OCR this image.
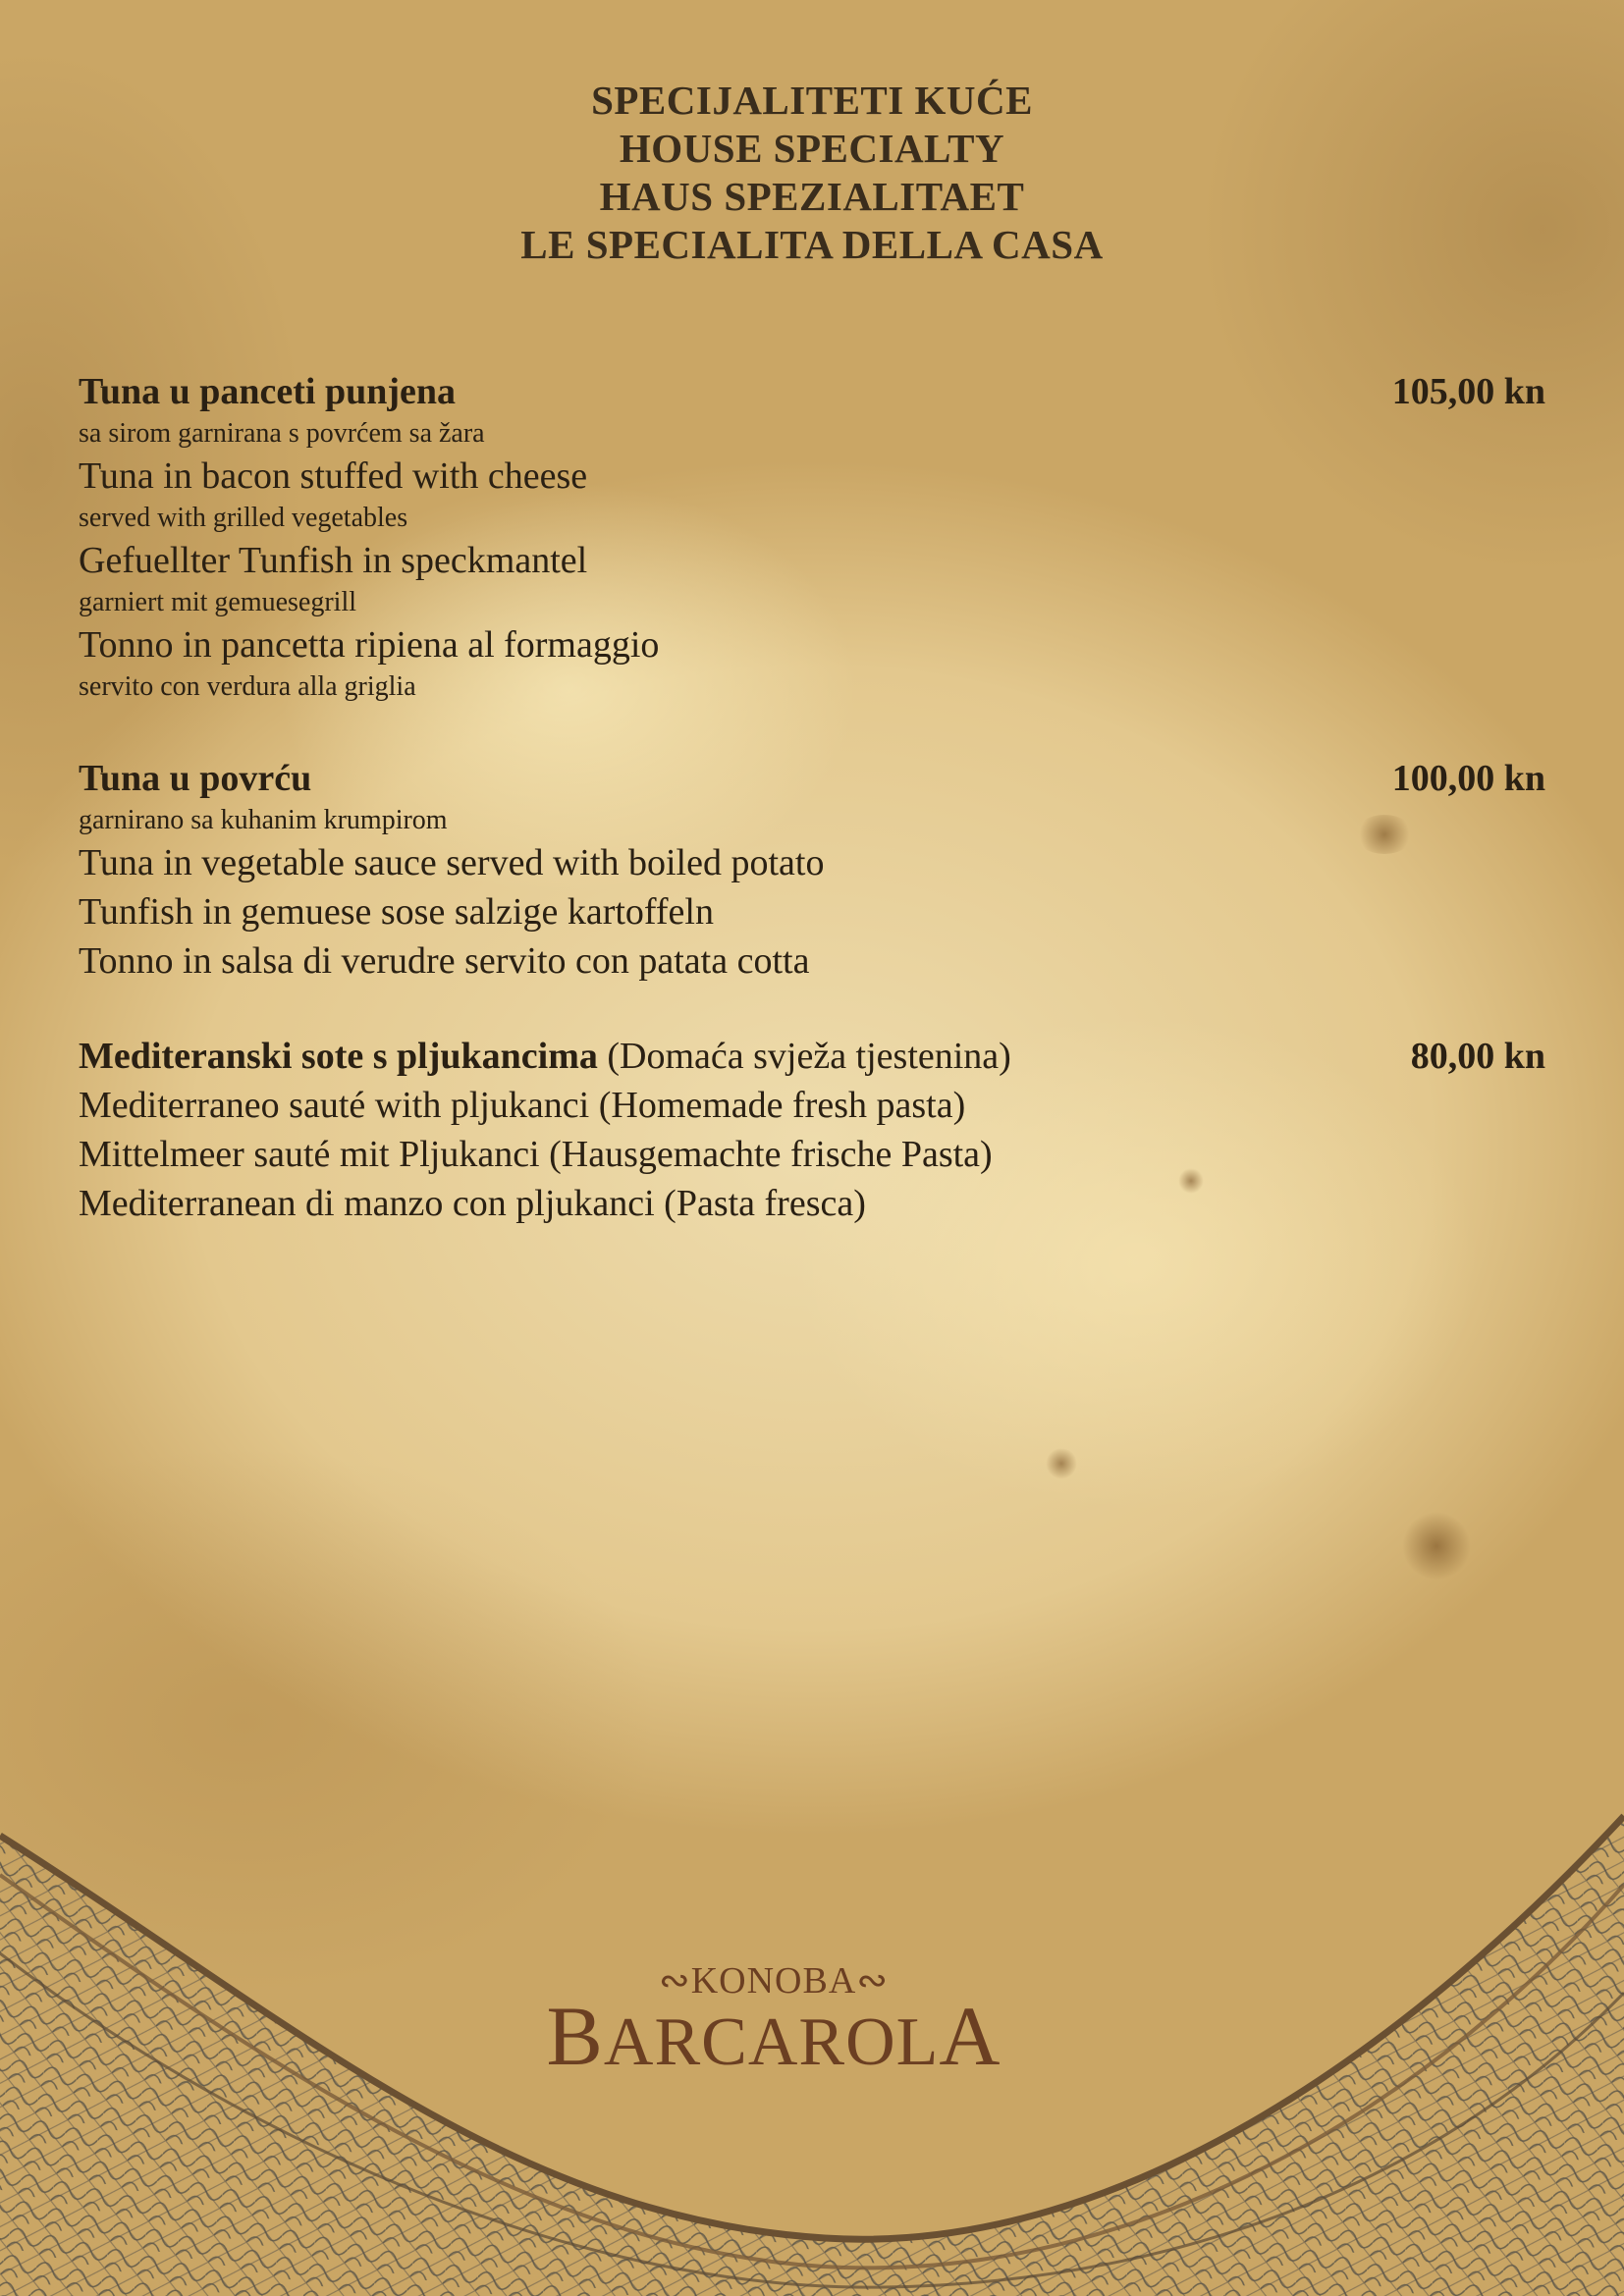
SPECIJALITETI KUĆE
HOUSE SPECIALTY
HAUS SPEZIALITAET
LE SPECIALITA DELLA CASA
105,00 kn
Tuna u panceti punjena
sa sirom garnirana s povrćem sa žara
Tuna in bacon stuffed with cheese
served with grilled vegetables
Gefuellter Tunfish in speckmantel
garniert mit gemuesegrill
Tonno in pancetta ripiena al formaggio
servito con verdura alla griglia
100,00 kn
Tuna u povrću
garnirano sa kuhanim krumpirom
Tuna in vegetable sauce served with boiled potato
Tunfish in gemuese sose salzige kartoffeln
Tonno in salsa di verudre servito con patata cotta
80,00 kn
Mediteranski sote s pljukancima (Domaća svježa tjestenina)
Mediterraneo sauté with pljukanci (Homemade fresh pasta)
Mittelmeer sauté mit Pljukanci (Hausgemachte frische Pasta)
Mediterranean di manzo con pljukanci (Pasta fresca)
∾KONOBA∾
BARCAROLA
